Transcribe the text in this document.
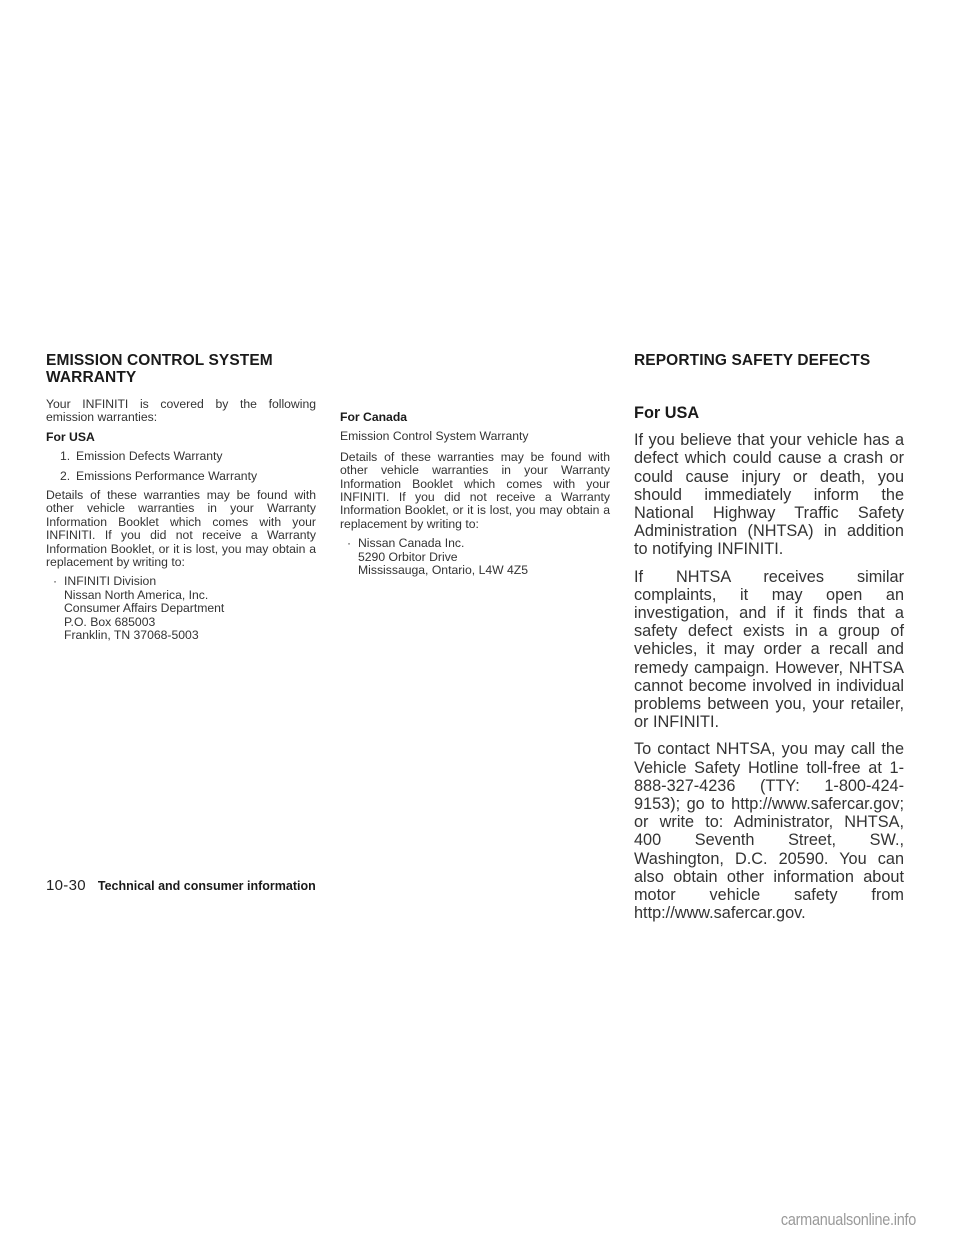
EMISSION CONTROL SYSTEM
WARRANTY

Your INFINITI is covered by the following emission warranties:

For USA
1. Emission Defects Warranty
2. Emissions Performance Warranty

Details of these warranties may be found with other vehicle warranties in your Warranty Information Booklet which comes with your INFINITI. If you did not receive a Warranty Information Booklet, or it is lost, you may obtain a replacement by writing to:

· INFINITI Division
Nissan North America, Inc.
Consumer Affairs Department
P.O. Box 685003
Franklin, TN 37068-5003
For Canada

Emission Control System Warranty

Details of these warranties may be found with other vehicle warranties in your Warranty Information Booklet which comes with your INFINITI. If you did not receive a Warranty Information Booklet, or it is lost, you may obtain a replacement by writing to:

· Nissan Canada Inc.
5290 Orbitor Drive
Mississauga, Ontario, L4W 4Z5
REPORTING SAFETY DEFECTS
For USA

If you believe that your vehicle has a defect which could cause a crash or could cause injury or death, you should immediately inform the National Highway Traffic Safety Administration (NHTSA) in addition to notifying INFINITI.

If NHTSA receives similar complaints, it may open an investigation, and if it finds that a safety defect exists in a group of vehicles, it may order a recall and remedy campaign. However, NHTSA cannot become involved in individual problems between you, your retailer, or INFINITI.

To contact NHTSA, you may call the Vehicle Safety Hotline toll-free at 1-888-327-4236 (TTY: 1-800-424-9153); go to http://www.safercar.gov; or write to: Administrator, NHTSA, 400 Seventh Street, SW., Washington, D.C. 20590. You can also obtain other information about motor vehicle safety from http://www.safercar.gov.

10-30 Technical and consumer information
carmanualsonline.info
